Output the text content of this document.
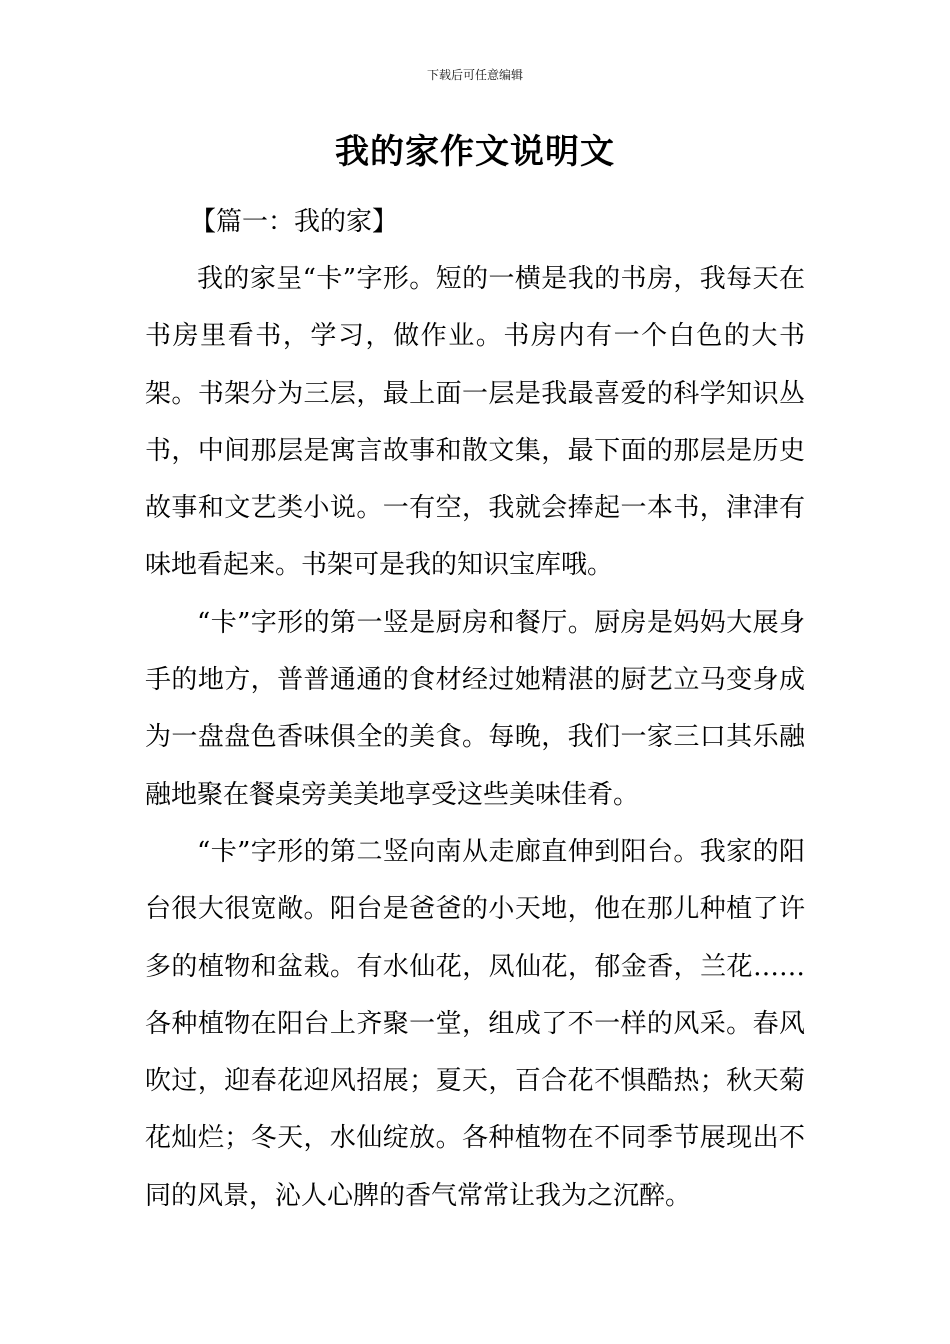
下载后可任意编辑
我的家作文说明文
【篇一：我的家】

我的家呈“卡”字形。短的一横是我的书房，我每天在书房里看书，学习，做作业。书房内有一个白色的大书架。书架分为三层，最上面一层是我最喜爱的科学知识丛书，中间那层是寓言故事和散文集，最下面的那层是历史故事和文艺类小说。一有空，我就会捧起一本书，津津有味地看起来。书架可是我的知识宝库哦。

“卡”字形的第一竖是厨房和餐厅。厨房是妈妈大展身手的地方，普普通通的食材经过她精湛的厨艺立马变身成为一盘盘色香味俱全的美食。每晚，我们一家三口其乐融融地聚在餐桌旁美美地享受这些美味佳肴。

“卡”字形的第二竖向南从走廊直伸到阳台。我家的阳台很大很宽敞。阳台是爸爸的小天地，他在那儿种植了许多的植物和盆栽。有水仙花，凤仙花，郁金香，兰花……各种植物在阳台上齐聚一堂，组成了不一样的风采。春风吹过，迎春花迎风招展；夏天，百合花不惧酷热；秋天菊花灿烂；冬天，水仙绽放。各种植物在不同季节展现出不同的风景，沁人心脾的香气常常让我为之沉醉。
